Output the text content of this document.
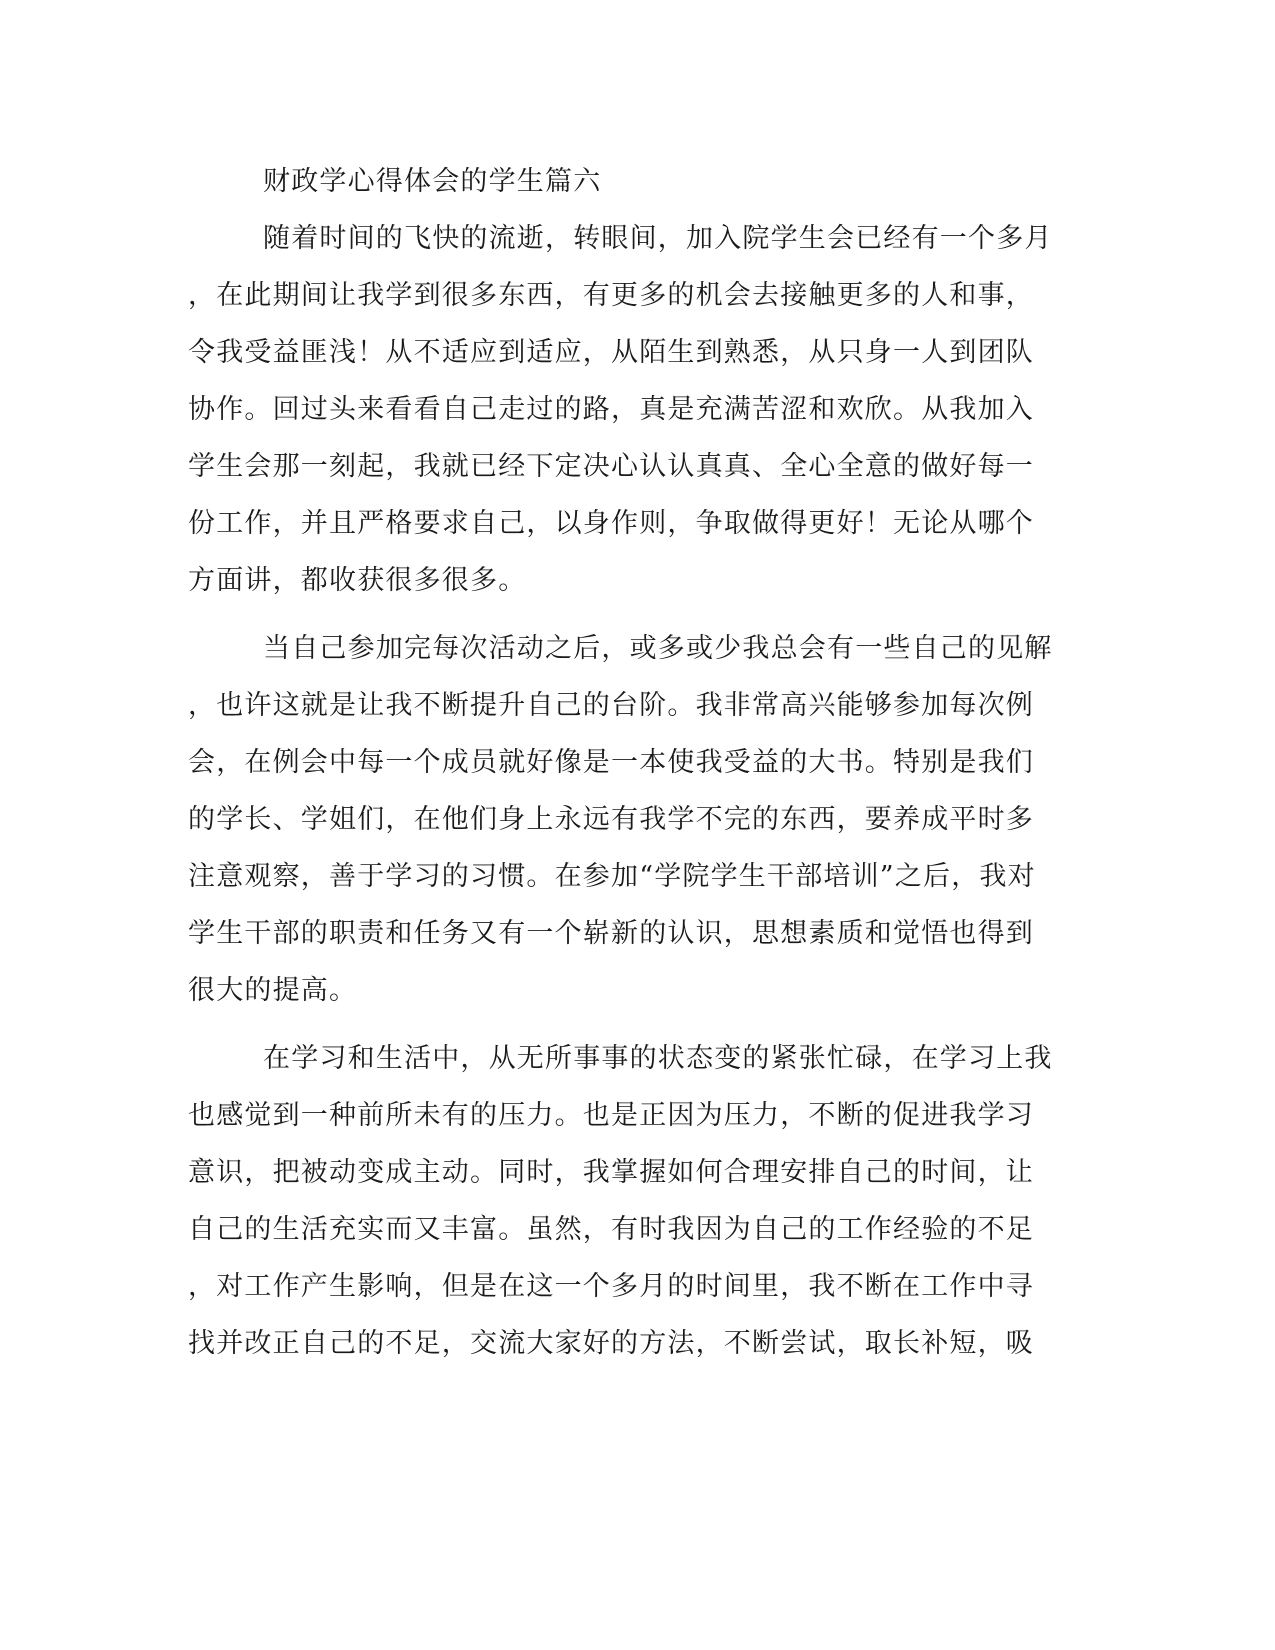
财政学心得体会的学生篇六
随着时间的飞快的流逝，转眼间，加入院学生会已经有一个多月
，在此期间让我学到很多东西，有更多的机会去接触更多的人和事，
令我受益匪浅！从不适应到适应，从陌生到熟悉，从只身一人到团队
协作。回过头来看看自己走过的路，真是充满苦涩和欢欣。从我加入
学生会那一刻起，我就已经下定决心认认真真、全心全意的做好每一
份工作，并且严格要求自己，以身作则，争取做得更好！无论从哪个
方面讲，都收获很多很多。
当自己参加完每次活动之后，或多或少我总会有一些自己的见解
，也许这就是让我不断提升自己的台阶。我非常高兴能够参加每次例
会，在例会中每一个成员就好像是一本使我受益的大书。特别是我们
的学长、学姐们，在他们身上永远有我学不完的东西，要养成平时多
注意观察，善于学习的习惯。在参加“学院学生干部培训”之后，我对
学生干部的职责和任务又有一个崭新的认识，思想素质和觉悟也得到
很大的提高。
在学习和生活中，从无所事事的状态变的紧张忙碌，在学习上我
也感觉到一种前所未有的压力。也是正因为压力，不断的促进我学习
意识，把被动变成主动。同时，我掌握如何合理安排自己的时间，让
自己的生活充实而又丰富。虽然，有时我因为自己的工作经验的不足
，对工作产生影响，但是在这一个多月的时间里，我不断在工作中寻
找并改正自己的不足，交流大家好的方法，不断尝试，取长补短，吸
